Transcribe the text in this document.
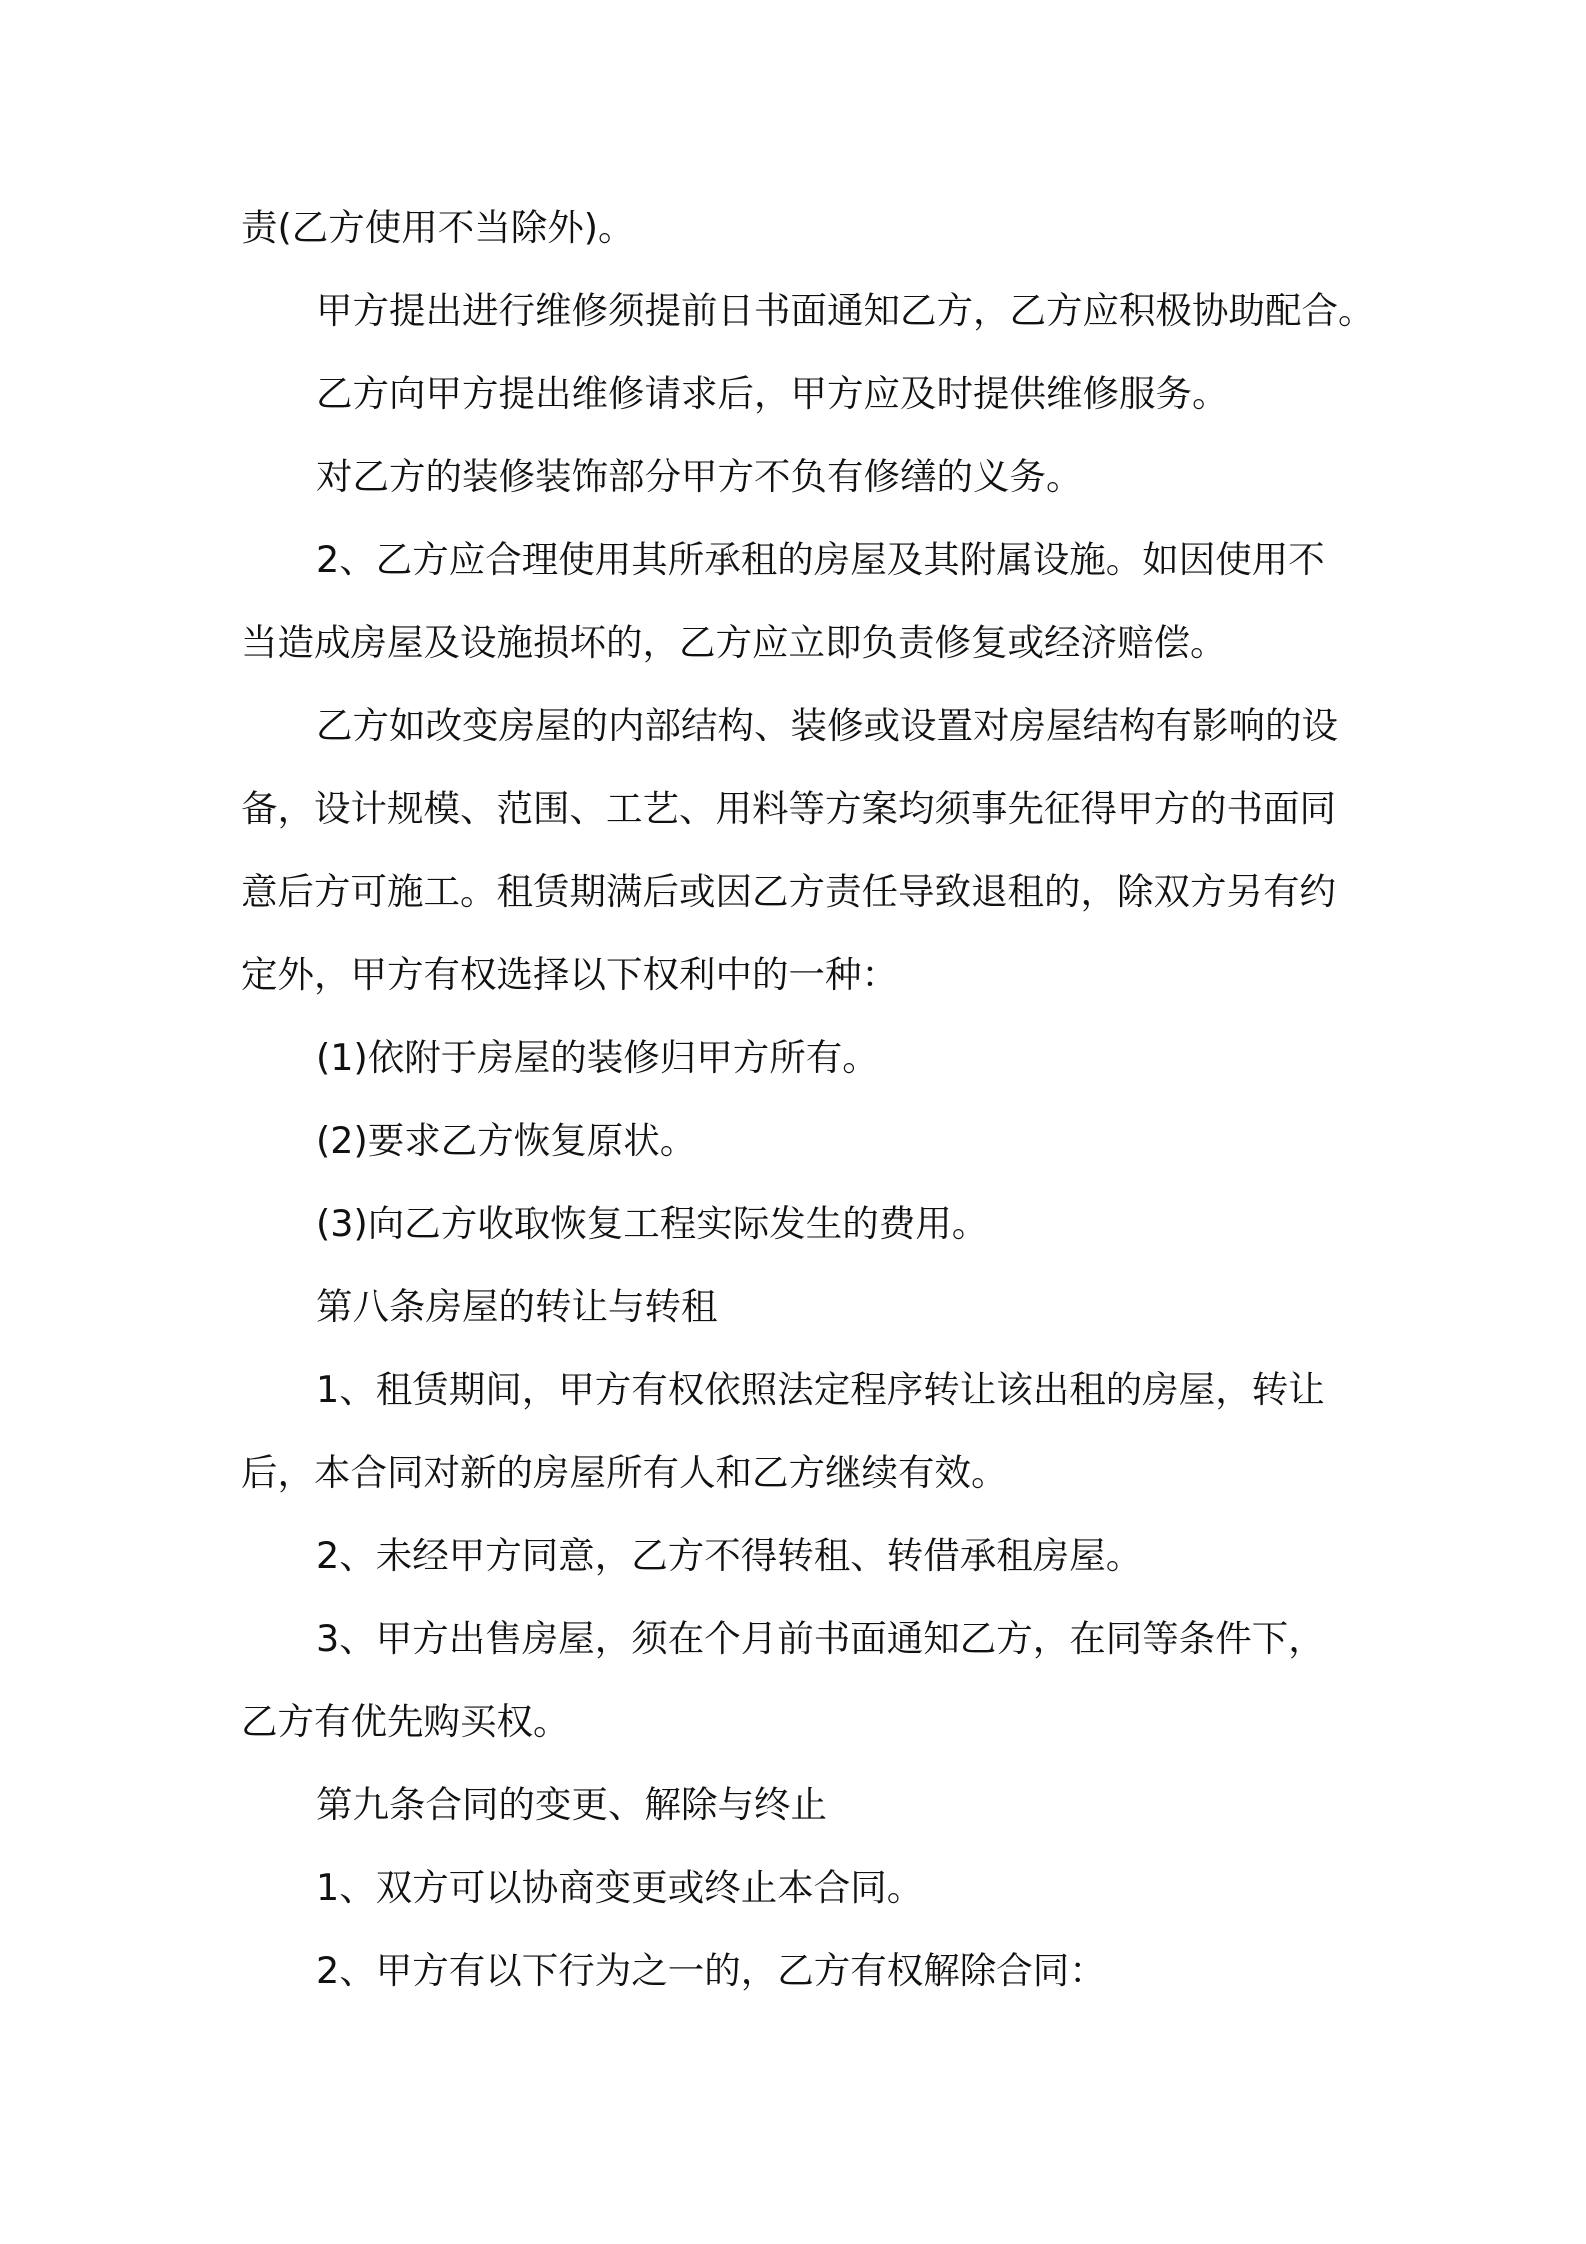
责(乙方使用不当除外)。

甲方提出进行维修须提前日书面通知乙方，乙方应积极协助配合。

乙方向甲方提出维修请求后，甲方应及时提供维修服务。

对乙方的装修装饰部分甲方不负有修缮的义务。

2、乙方应合理使用其所承租的房屋及其附属设施。如因使用不

当造成房屋及设施损坏的，乙方应立即负责修复或经济赔偿。

乙方如改变房屋的内部结构、装修或设置对房屋结构有影响的设

备，设计规模、范围、工艺、用料等方案均须事先征得甲方的书面同

意后方可施工。租赁期满后或因乙方责任导致退租的，除双方另有约

定外，甲方有权选择以下权利中的一种：

(1)依附于房屋的装修归甲方所有。

(2)要求乙方恢复原状。

(3)向乙方收取恢复工程实际发生的费用。

第八条房屋的转让与转租

1、租赁期间，甲方有权依照法定程序转让该出租的房屋，转让

后，本合同对新的房屋所有人和乙方继续有效。

2、未经甲方同意，乙方不得转租、转借承租房屋。

3、甲方出售房屋，须在个月前书面通知乙方，在同等条件下，

乙方有优先购买权。

第九条合同的变更、解除与终止

1、双方可以协商变更或终止本合同。

2、甲方有以下行为之一的，乙方有权解除合同：
